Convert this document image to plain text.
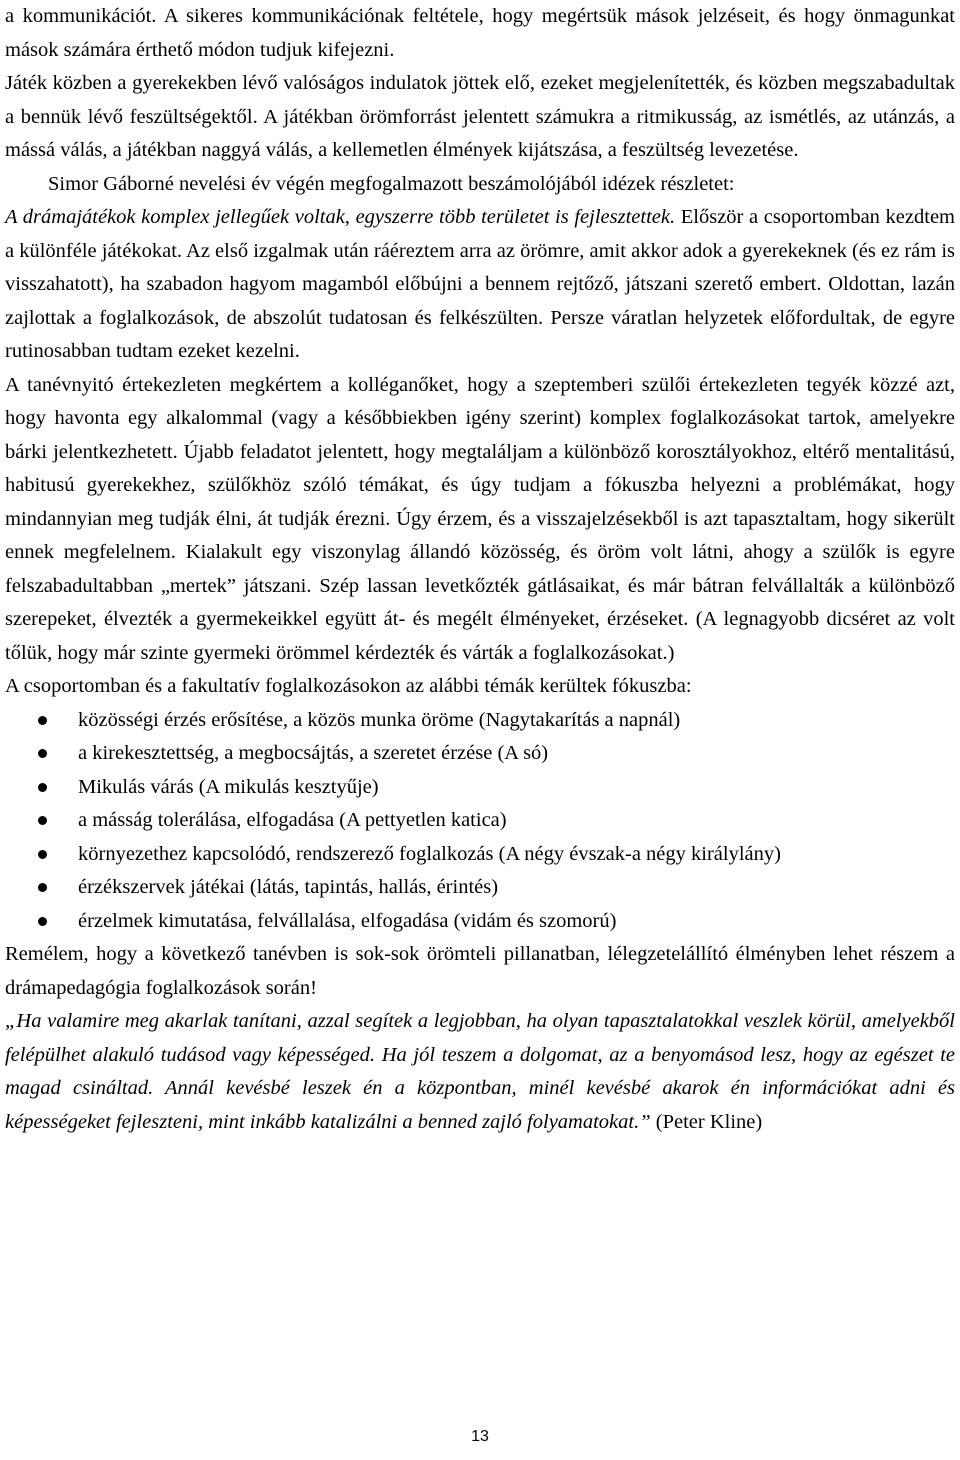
a kommunikációt. A sikeres kommunikációnak feltétele, hogy megértsük mások jelzéseit, és hogy önmagunkat mások számára érthető módon tudjuk kifejezni.

Játék közben a gyerekekben lévő valóságos indulatok jöttek elő, ezeket megjelenítették, és közben megszabadultak a bennük lévő feszültségektől. A játékban örömforrást jelentett számukra a ritmikusság, az ismétlés, az utánzás, a mássá válás, a játékban naggyá válás, a kellemetlen élmények kijátszása, a feszültség levezetése.

Simor Gáborné nevelési év végén megfogalmazott beszámolójából idézek részletet:

A drámajátékok komplex jellegűek voltak, egyszerre több területet is fejlesztettek. Először a csoportomban kezdtem a különféle játékokat. Az első izgalmak után ráéreztem arra az örömre, amit akkor adok a gyerekeknek (és ez rám is visszahatott), ha szabadon hagyom magamból előbújni a bennem rejtőző, játszani szerető embert. Oldottan, lazán zajlottak a foglalkozások, de abszolút tudatosan és felkészülten. Persze váratlan helyzetek előfordultak, de egyre rutinosabban tudtam ezeket kezelni.

A tanévnyitó értekezleten megkértem a kolléganőket, hogy a szeptemberi szülői értekezleten tegyék közzé azt, hogy havonta egy alkalommal (vagy a későbbiekben igény szerint) komplex foglalkozásokat tartok, amelyekre bárki jelentkezhetett. Újabb feladatot jelentett, hogy megtaláljam a különböző korosztályokhoz, eltérő mentalitású, habitusú gyerekekhez, szülőkhöz szóló témákat, és úgy tudjam a fókuszba helyezni a problémákat, hogy mindannyian meg tudják élni, át tudják érezni. Úgy érzem, és a visszajelzésekből is azt tapasztaltam, hogy sikerült ennek megfelelnem. Kialakult egy viszonylag állandó közösség, és öröm volt látni, ahogy a szülők is egyre felszabadultabban „mertek” játszani. Szép lassan levetkőzték gátlásaikat, és már bátran felvállalták a különböző szerepeket, élvezték a gyermekeikkel együtt át- és megélt élményeket, érzéseket. (A legnagyobb dicséret az volt tőlük, hogy már szinte gyermeki örömmel kérdezték és várták a foglalkozásokat.)

A csoportomban és a fakultatív foglalkozásokon az alábbi témák kerültek fókuszba:

közösségi érzés erősítése, a közös munka öröme (Nagytakarítás a napnál)
a kirekesztettség, a megbocsájtás, a szeretet érzése (A só)
Mikulás várás (A mikulás kesztyűje)
a másság tolerálása, elfogadása (A pettyetlen katica)
környezethez kapcsolódó, rendszerező foglalkozás (A négy évszak-a négy királylány)
érzékszervek játékai (látás, tapintás, hallás, érintés)
érzelmek kimutatása, felvállalása, elfogadása (vidám és szomorú)

Remélem, hogy a következő tanévben is sok-sok örömteli pillanatban, lélegzetelállító élményben lehet részem a drámapedagógia foglalkozások során!

„Ha valamire meg akarlak tanítani, azzal segítek a legjobban, ha olyan tapasztalatokkal veszlek körül, amelyekből felépülhet alakuló tudásod vagy képességed. Ha jól teszem a dolgomat, az a benyomásod lesz, hogy az egészet te magad csináltad. Annál kevésbé leszek én a központban, minél kevésbé akarok én információkat adni és képességeket fejleszteni, mint inkább katalizálni a benned zajló folyamatokat.” (Peter Kline)

13
